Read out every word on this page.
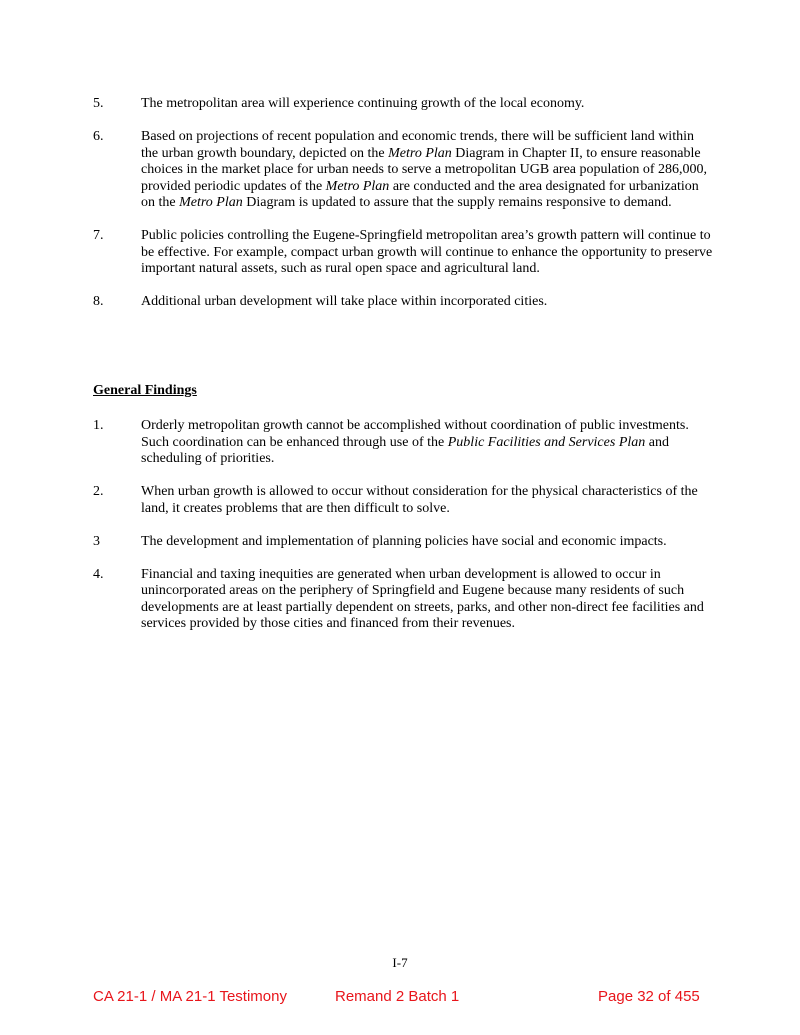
5.	The metropolitan area will experience continuing growth of the local economy.
6.	Based on projections of recent population and economic trends, there will be sufficient land within the urban growth boundary, depicted on the Metro Plan Diagram in Chapter II, to ensure reasonable choices in the market place for urban needs to serve a metropolitan UGB area population of 286,000, provided periodic updates of the Metro Plan are conducted and the area designated for urbanization on the Metro Plan Diagram is updated to assure that the supply remains responsive to demand.
7.	Public policies controlling the Eugene-Springfield metropolitan area’s growth pattern will continue to be effective. For example, compact urban growth will continue to enhance the opportunity to preserve important natural assets, such as rural open space and agricultural land.
8.	Additional urban development will take place within incorporated cities.
General Findings
1.	Orderly metropolitan growth cannot be accomplished without coordination of public investments. Such coordination can be enhanced through use of the Public Facilities and Services Plan and scheduling of priorities.
2.	When urban growth is allowed to occur without consideration for the physical characteristics of the land, it creates problems that are then difficult to solve.
3	The development and implementation of planning policies have social and economic impacts.
4.	Financial and taxing inequities are generated when urban development is allowed to occur in unincorporated areas on the periphery of Springfield and Eugene because many residents of such developments are at least partially dependent on streets, parks, and other non-direct fee facilities and services provided by those cities and financed from their revenues.
I-7
CA 21-1 / MA 21-1 Testimony	Remand 2 Batch 1	Page 32 of 455
